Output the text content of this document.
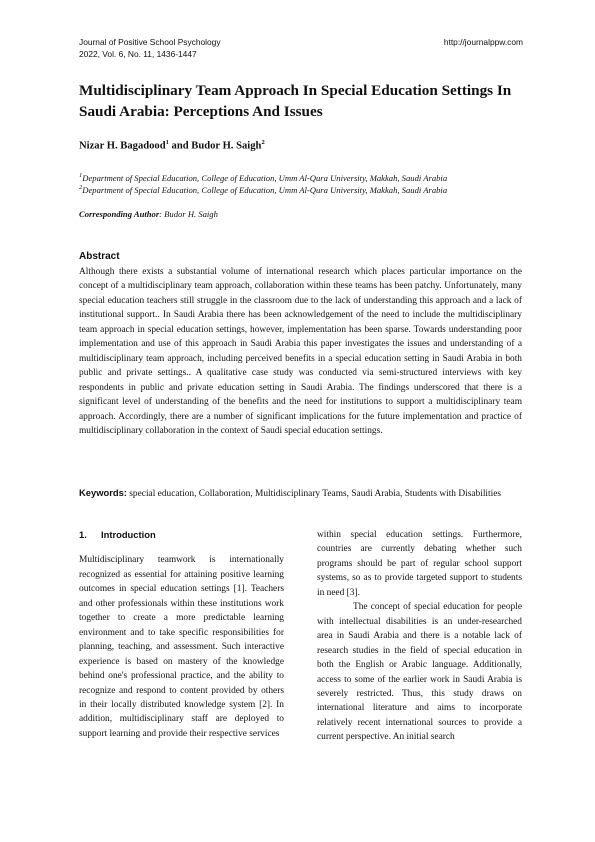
Journal of Positive School Psychology
2022, Vol. 6, No. 11, 1436-1447
http://journalppw.com
Multidisciplinary Team Approach In Special Education Settings In Saudi Arabia: Perceptions And Issues
Nizar H. Bagadood$^1$ and Budor H. Saigh$^2$
$^1$Department of Special Education, College of Education, Umm Al-Qura University, Makkah, Saudi Arabia
$^2$Department of Special Education, College of Education, Umm Al-Qura University, Makkah, Saudi Arabia
Corresponding Author: Budor H. Saigh
Abstract
Although there exists a substantial volume of international research which places particular importance on the concept of a multidisciplinary team approach, collaboration within these teams has been patchy. Unfortunately, many special education teachers still struggle in the classroom due to the lack of understanding this approach and a lack of institutional support.. In Saudi Arabia there has been acknowledgement of the need to include the multidisciplinary team approach in special education settings, however, implementation has been sparse. Towards understanding poor implementation and use of this approach in Saudi Arabia this paper investigates the issues and understanding of a multidisciplinary team approach, including perceived benefits in a special education setting in Saudi Arabia in both public and private settings.. A qualitative case study was conducted via semi-structured interviews with key respondents in public and private education setting in Saudi Arabia. The findings underscored that there is a significant level of understanding of the benefits and the need for institutions to support a multidisciplinary team approach. Accordingly, there are a number of significant implications for the future implementation and practice of multidisciplinary collaboration in the context of Saudi special education settings.
Keywords: special education, Collaboration, Multidisciplinary Teams, Saudi Arabia, Students with Disabilities

1. Introduction

Multidisciplinary teamwork is internationally recognized as essential for attaining positive learning outcomes in special education settings [1]. Teachers and other professionals within these institutions work together to create a more predictable learning environment and to take specific responsibilities for planning, teaching, and assessment. Such interactive experience is based on mastery of the knowledge behind one's professional practice, and the ability to recognize and respond to content provided by others in their locally distributed knowledge system [2]. In addition, multidisciplinary staff are deployed to support learning and provide their respective services

within special education settings. Furthermore, countries are currently debating whether such programs should be part of regular school support systems, so as to provide targeted support to students in need [3].

The concept of special education for people with intellectual disabilities is an under-researched area in Saudi Arabia and there is a notable lack of research studies in the field of special education in both the English or Arabic language. Additionally, access to some of the earlier work in Saudi Arabia is severely restricted. Thus, this study draws on international literature and aims to incorporate relatively recent international sources to provide a current perspective. An initial search
